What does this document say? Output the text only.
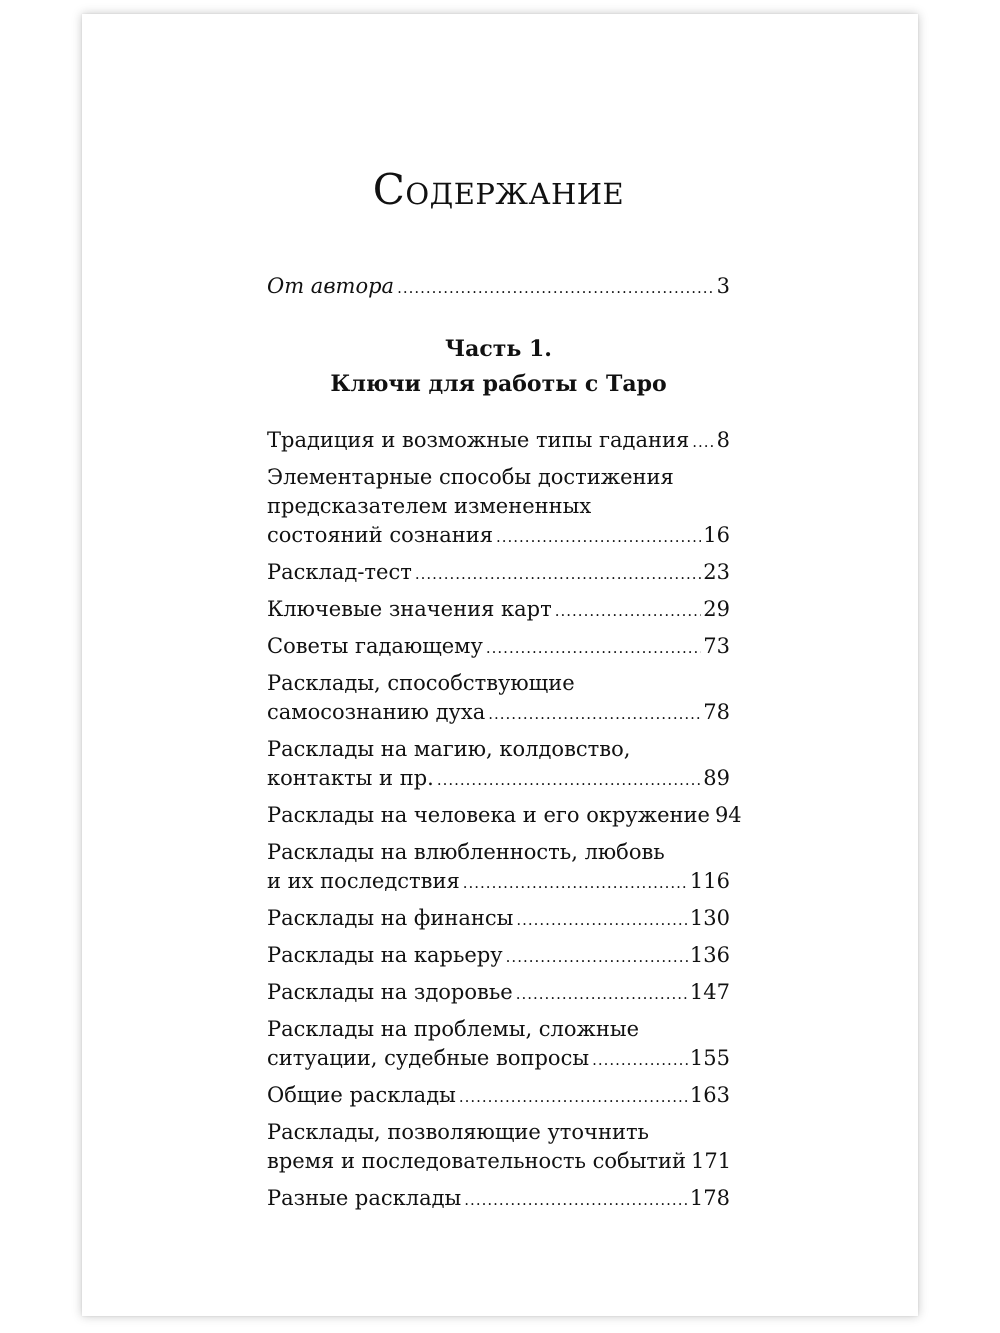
Содержание
От автора .....	3
Часть 1.
Ключи для работы с Таро
Традиция и возможные типы гадания ..... 8
Элементарные способы достижения
предсказателем измененных
состояний сознания .....	16
Расклад-тест .....	23
Ключевые значения карт .....	29
Советы гадающему .....	73
Расклады, способствующие
самосознанию духа .....	78
Расклады на магию, колдовство,
контакты и пр. .....	89
Расклады на человека и его окружение 94
Расклады на влюбленность, любовь
и их последствия .....	116
Расклады на финансы .....	130
Расклады на карьеру .....	136
Расклады на здоровье .....	147
Расклады на проблемы, сложные
ситуации, судебные вопросы .....	155
Общие расклады .....	163
Расклады, позволяющие уточнить
время и последовательность событий 171
Разные расклады .....	178
